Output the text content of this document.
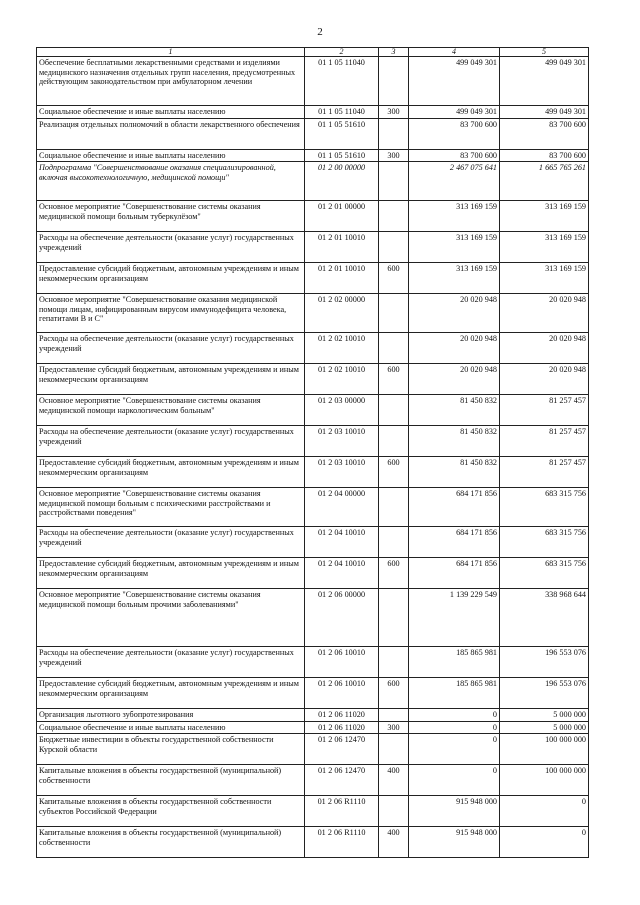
2
1	2	3	4	5
Обеспечение бесплатными лекарственными средствами и изделиями медицинского назначения отдельных групп населения, предусмотренных действующим законодательством при амбулаторном лечении	01 1 05 11040		499 049 301	499 049 301
Социальное обеспечение и иные выплаты населению	01 1 05 11040	300	499 049 301	499 049 301
Реализация отдельных полномочий в области лекарственного обеспечения	01 1 05 51610		83 700 600	83 700 600
Социальное обеспечение и иные выплаты населению	01 1 05 51610	300	83 700 600	83 700 600
Подпрограмма "Совершенствование оказания специализированной, включая высокотехнологичную, медицинской помощи"	01 2 00 00000		2 467 075 641	1 665 765 261
Основное мероприятие "Совершенствование системы оказания медицинской помощи больным туберкулёзом"	01 2 01 00000		313 169 159	313 169 159
Расходы на обеспечение деятельности (оказание услуг) государственных учреждений	01 2 01 10010		313 169 159	313 169 159
Предоставление субсидий бюджетным, автономным учреждениям и иным некоммерческим организациям	01 2 01 10010	600	313 169 159	313 169 159
Основное мероприятие "Совершенствование оказания медицинской помощи лицам, инфицированным вирусом иммунодефицита человека, гепатитами В и С"	01 2 02 00000		20 020 948	20 020 948
Расходы на обеспечение деятельности (оказание услуг) государственных учреждений	01 2 02 10010		20 020 948	20 020 948
Предоставление субсидий бюджетным, автономным учреждениям и иным некоммерческим организациям	01 2 02 10010	600	20 020 948	20 020 948
Основное мероприятие "Совершенствование системы оказания медицинской помощи наркологическим больным"	01 2 03 00000		81 450 832	81 257 457
Расходы на обеспечение деятельности (оказание услуг) государственных учреждений	01 2 03 10010		81 450 832	81 257 457
Предоставление субсидий бюджетным, автономным учреждениям и иным некоммерческим организациям	01 2 03 10010	600	81 450 832	81 257 457
Основное мероприятие "Совершенствование системы оказания медицинской помощи больным с психическими расстройствами и расстройствами поведения"	01 2 04 00000		684 171 856	683 315 756
Расходы на обеспечение деятельности (оказание услуг) государственных учреждений	01 2 04 10010		684 171 856	683 315 756
Предоставление субсидий бюджетным, автономным учреждениям и иным некоммерческим организациям	01 2 04 10010	600	684 171 856	683 315 756
Основное мероприятие "Совершенствование системы оказания медицинской помощи больным прочими заболеваниями"	01 2 06 00000		1 139 229 549	338 968 644
Расходы на обеспечение деятельности (оказание услуг) государственных учреждений	01 2 06 10010		185 865 981	196 553 076
Предоставление субсидий бюджетным, автономным учреждениям и иным некоммерческим организациям	01 2 06 10010	600	185 865 981	196 553 076
Организация льготного зубопротезирования	01 2 06 11020		0	5 000 000
Социальное обеспечение и иные выплаты населению	01 2 06 11020	300	0	5 000 000
Бюджетные инвестиции в объекты государственной собственности Курской области	01 2 06 12470		0	100 000 000
Капитальные вложения в объекты государственной (муниципальной) собственности	01 2 06 12470	400	0	100 000 000
Капитальные вложения в объекты государственной собственности субъектов Российской Федерации	01 2 06 R1110		915 948 000	0
Капитальные вложения в объекты государственной (муниципальной) собственности	01 2 06 R1110	400	915 948 000	0
